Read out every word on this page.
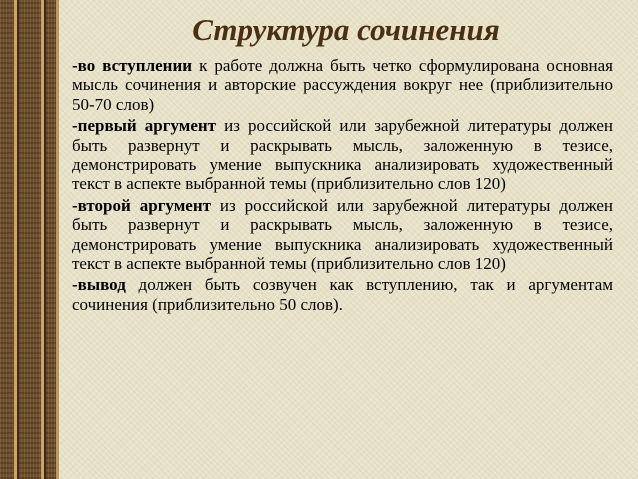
Структура сочинения

-во вступлении к работе должна быть четко сформулирована основная мысль сочинения и авторские рассуждения вокруг нее (приблизительно 50-70 слов)

-первый аргумент из российской или зарубежной литературы должен быть развернут и раскрывать мысль, заложенную в тезисе, демонстрировать умение выпускника анализировать художественный текст в аспекте выбранной темы (приблизительно слов 120)

-второй аргумент из российской или зарубежной литературы должен быть развернут и раскрывать мысль, заложенную в тезисе, демонстрировать умение выпускника анализировать художественный текст в аспекте выбранной темы (приблизительно слов 120)

-вывод должен быть созвучен как вступлению, так и аргументам сочинения (приблизительно 50 слов).
